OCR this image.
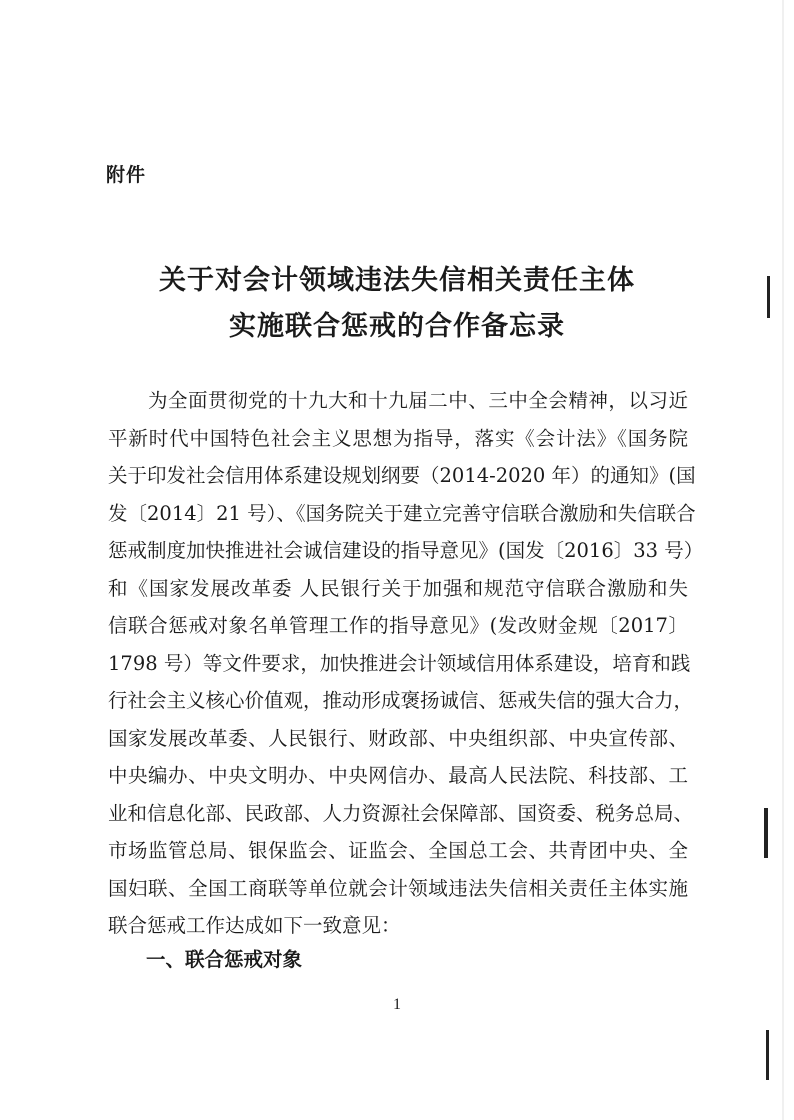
附件
关于对会计领域违法失信相关责任主体
实施联合惩戒的合作备忘录
为全面贯彻党的十九大和十九届二中、三中全会精神，以习近
平新时代中国特色社会主义思想为指导，落实《会计法》《国务院
关于印发社会信用体系建设规划纲要（2014-2020 年）的通知》(国
发〔2014〕21 号）、《国务院关于建立完善守信联合激励和失信联合
惩戒制度加快推进社会诚信建设的指导意见》(国发〔2016〕33 号）
和《国家发展改革委 人民银行关于加强和规范守信联合激励和失
信联合惩戒对象名单管理工作的指导意见》(发改财金规〔2017〕
1798 号）等文件要求，加快推进会计领域信用体系建设，培育和践
行社会主义核心价值观，推动形成褒扬诚信、惩戒失信的强大合力，
国家发展改革委、人民银行、财政部、中央组织部、中央宣传部、
中央编办、中央文明办、中央网信办、最高人民法院、科技部、工
业和信息化部、民政部、人力资源社会保障部、国资委、税务总局、
市场监管总局、银保监会、证监会、全国总工会、共青团中央、全
国妇联、全国工商联等单位就会计领域违法失信相关责任主体实施
联合惩戒工作达成如下一致意见：
一、联合惩戒对象
1
